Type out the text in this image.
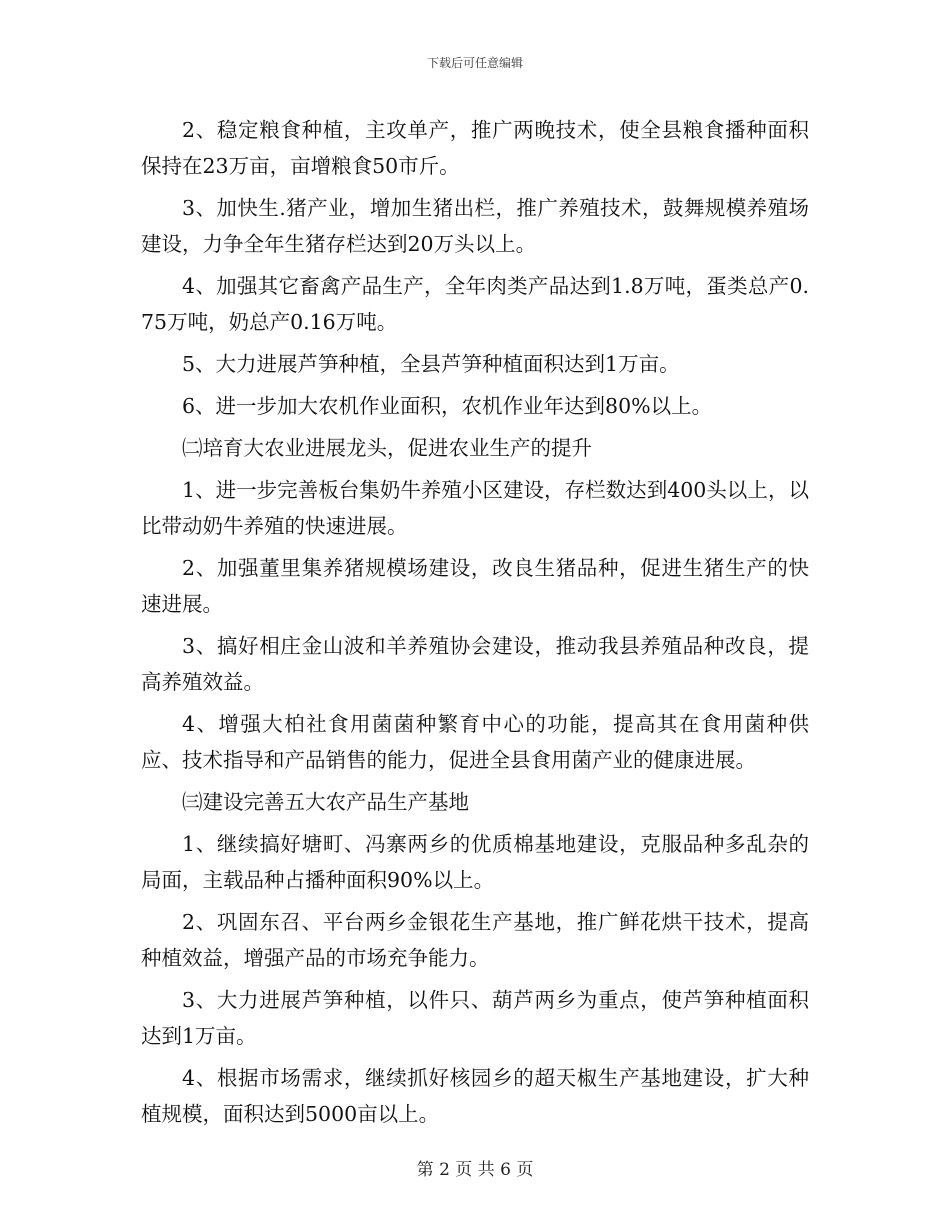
下载后可任意编辑

2、稳定粮食种植，主攻单产，推广两晚技术，使全县粮食播种面积保持在23万亩，亩增粮食50市斤。

3、加快生.猪产业，增加生猪出栏，推广养殖技术，鼓舞规模养殖场建设，力争全年生猪存栏达到20万头以上。

4、加强其它畜禽产品生产，全年肉类产品达到1.8万吨，蛋类总产0.75万吨，奶总产0.16万吨。

5、大力进展芦笋种植，全县芦笋种植面积达到1万亩。

6、进一步加大农机作业面积，农机作业年达到80%以上。

㈡培育大农业进展龙头，促进农业生产的提升

1、进一步完善板台集奶牛养殖小区建设，存栏数达到400头以上，以比带动奶牛养殖的快速进展。

2、加强董里集养猪规模场建设，改良生猪品种，促进生猪生产的快速进展。

3、搞好相庄金山波和羊养殖协会建设，推动我县养殖品种改良，提高养殖效益。

4、增强大柏社食用菌菌种繁育中心的功能，提高其在食用菌种供应、技术指导和产品销售的能力，促进全县食用菌产业的健康进展。

㈢建设完善五大农产品生产基地

1、继续搞好塘町、冯寨两乡的优质棉基地建设，克服品种多乱杂的局面，主载品种占播种面积90%以上。

2、巩固东召、平台两乡金银花生产基地，推广鲜花烘干技术，提高种植效益，增强产品的市场充争能力。

3、大力进展芦笋种植，以件只、葫芦两乡为重点，使芦笋种植面积达到1万亩。

4、根据市场需求，继续抓好核园乡的超天椒生产基地建设，扩大种植规模，面积达到5000亩以上。

第 2 页 共 6 页
